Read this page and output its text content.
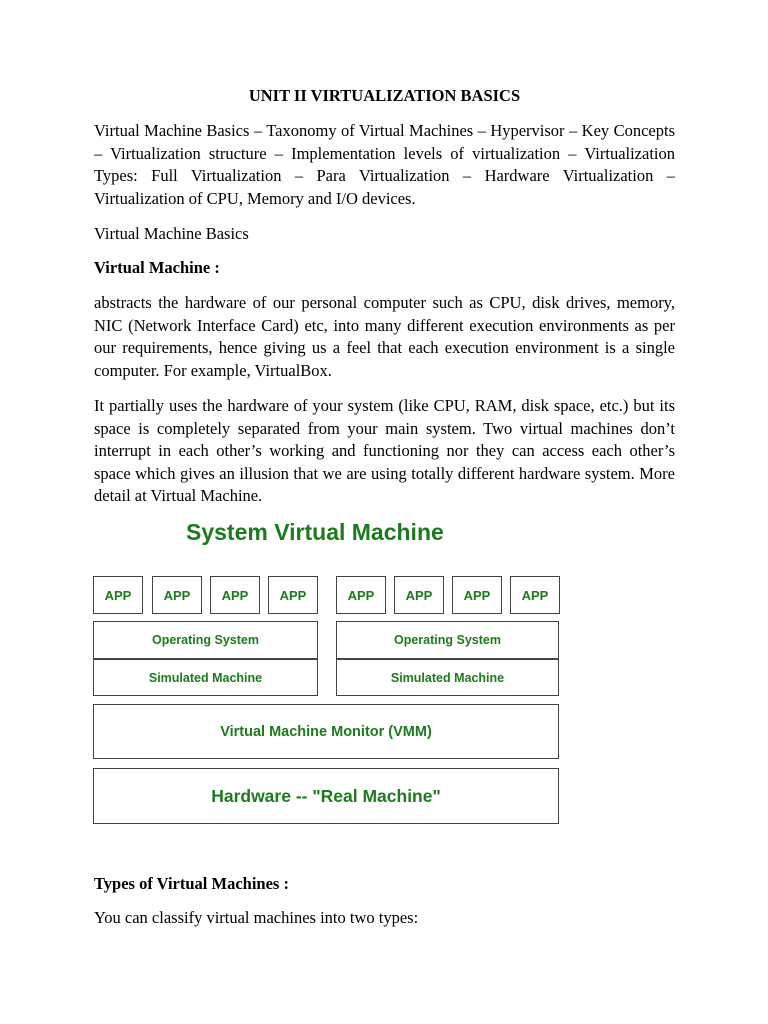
UNIT II VIRTUALIZATION BASICS

Virtual Machine Basics – Taxonomy of Virtual Machines – Hypervisor – Key Concepts – Virtualization structure – Implementation levels of virtualization – Virtualization Types: Full Virtualization – Para Virtualization – Hardware Virtualization – Virtualization of CPU, Memory and I/O devices.

Virtual Machine Basics

Virtual Machine :

abstracts the hardware of our personal computer such as CPU, disk drives, memory, NIC (Network Interface Card) etc, into many different execution environments as per our requirements, hence giving us a feel that each execution environment is a single computer. For example, VirtualBox.

It partially uses the hardware of your system (like CPU, RAM, disk space, etc.) but its space is completely separated from your main system. Two virtual machines don’t interrupt in each other’s working and functioning nor they can access each other’s space which gives an illusion that we are using totally different hardware system. More detail at Virtual Machine.

Types of Virtual Machines :

You can classify virtual machines into two types:

System Virtual Machine
APP	APP	APP	APP	APP	APP	APP	APP
Operating System	Operating System
Simulated Machine	Simulated Machine
Virtual Machine Monitor (VMM)
Hardware -- "Real Machine"
